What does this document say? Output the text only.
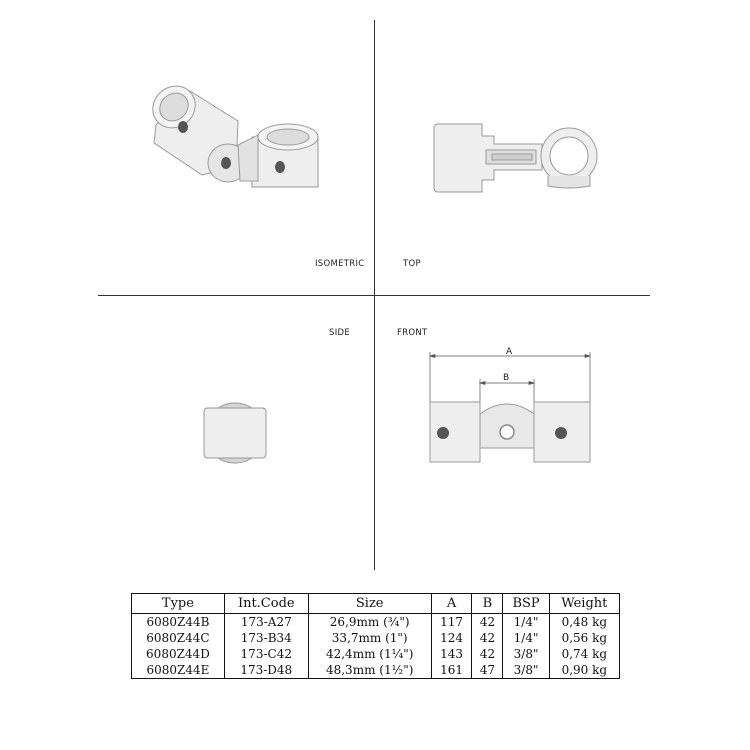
ISOMETRIC	TOP
SIDE	FRONT
A
B
Type	Int.Code	Size	A	B	BSP	Weight
6080Z44B	173-A27	26,9mm (¾")	117	42	1/4"	0,48 kg
6080Z44C	173-B34	33,7mm (1")	124	42	1/4"	0,56 kg
6080Z44D	173-C42	42,4mm (1¼")	143	42	3/8"	0,74 kg
6080Z44E	173-D48	48,3mm (1½")	161	47	3/8"	0,90 kg
